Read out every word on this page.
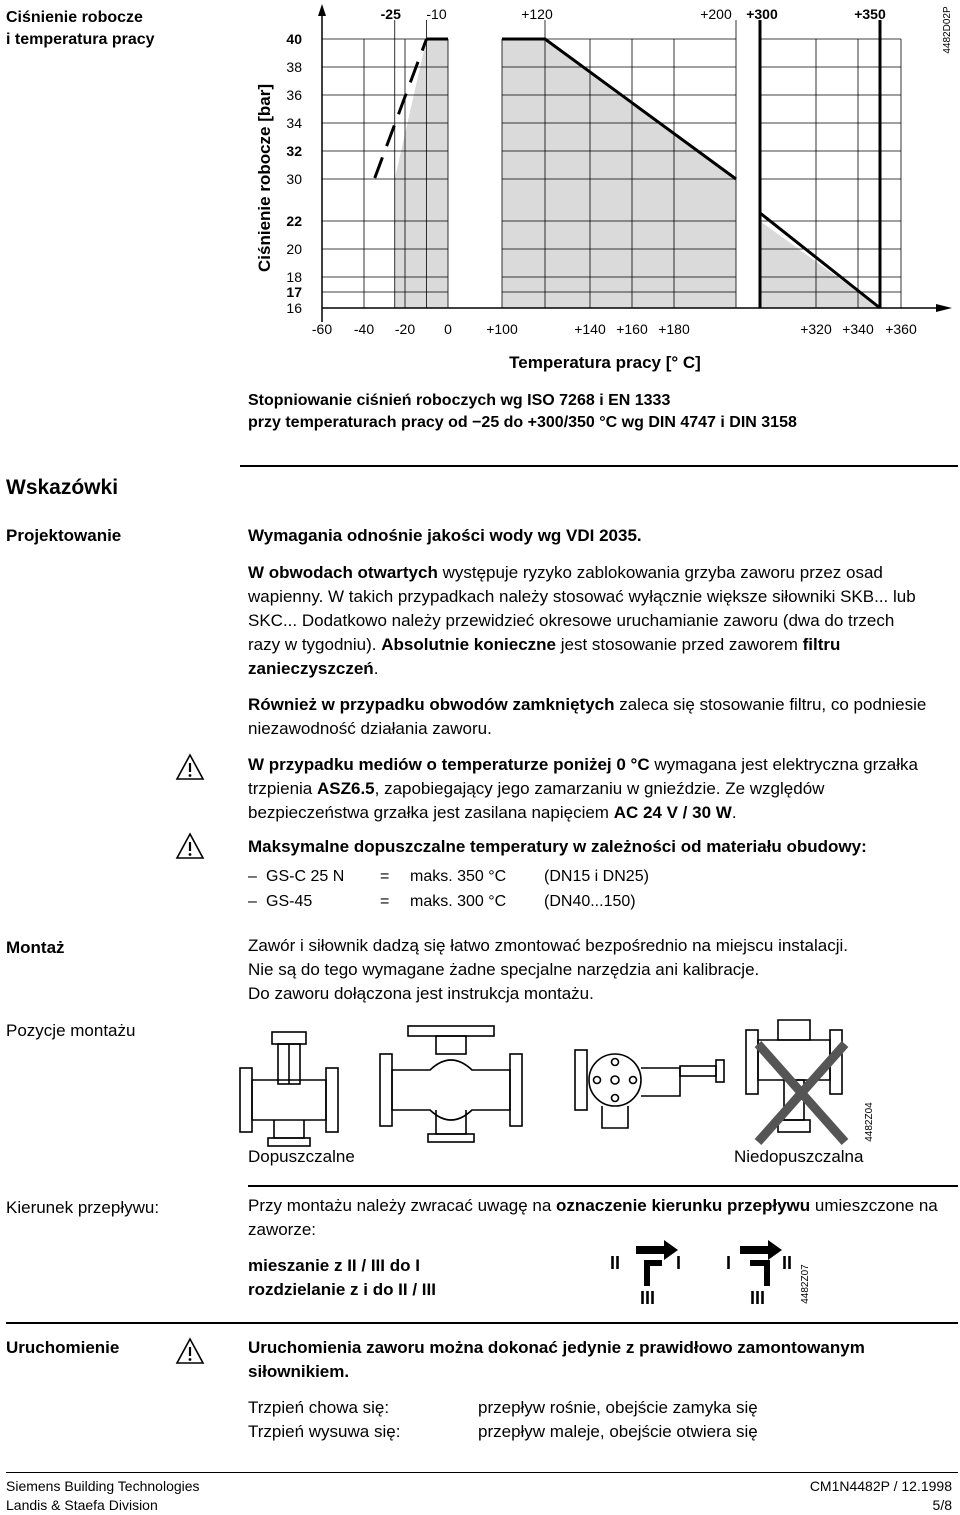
Ciśnienie robocze
i temperatura pracy	40
38
36
34
32
30
22
20
18
17
16
-60 -40 -20 0 +100	+140 +160 +180	+320 +340 +360
-25 -10	+120	+200 +300	+350
Ciśnienie robocze [bar]
Temperatura pracy [° C]
4482D02P
Stopniowanie ciśnień roboczych wg ISO 7268 i EN 1333
przy temperaturach pracy od −25 do +300/350 °C wg DIN 4747 i DIN 3158
Wskazówki
Projektowanie	Wymagania odnośnie jakości wody wg VDI 2035.

W obwodach otwartych występuje ryzyko zablokowania grzyba zaworu przez osad wapienny. W takich przypadkach należy stosować wyłącznie większe siłowniki SKB... lub SKC... Dodatkowo należy przewidzieć okresowe uruchamianie zaworu (dwa do trzech razy w tygodniu). Absolutnie konieczne jest stosowanie przed zaworem filtru zanieczyszczeń.

Również w przypadku obwodów zamkniętych zaleca się stosowanie filtru, co podniesie niezawodność działania zaworu.

W przypadku mediów o temperaturze poniżej 0 °C wymagana jest elektryczna grzałka trzpienia ASZ6.5, zapobiegający jego zamarzaniu w gnieździe. Ze względów bezpieczeństwa grzałka jest zasilana napięciem AC 24 V / 30 W.

Maksymalne dopuszczalne temperatury w zależności od materiału obudowy:

–	GS-C 25 N	=	maks. 350 °C	(DN15 i DN25)
–	GS-45	=	maks. 300 °C	(DN40...150)
Montaż	Zawór i siłownik dadzą się łatwo zmontować bezpośrednio na miejscu instalacji.
Nie są do tego wymagane żadne specjalne narzędzia ani kalibracje.
Do zaworu dołączona jest instrukcja montażu.
Pozycje montażu
4482Z04
Dopuszczalne	Niedopuszczalna
Kierunek przepływu:	Przy montażu należy zwracać uwagę na oznaczenie kierunku przepływu umieszczone na zaworze:
mieszanie z II / III do I
rozdzielanie z i do II / III
II	I
III
I	II
III	4482Z07
Uruchomienie	Uruchomienia zaworu można dokonać jedynie z prawidłowo zamontowanym siłownikiem.
Trzpień chowa się:	przepływ rośnie, obejście zamyka się
Trzpień wysuwa się:	przepływ maleje, obejście otwiera się
Siemens Building Technologies
Landis & Staefa Division
CM1N4482P / 12.1998
5/8
